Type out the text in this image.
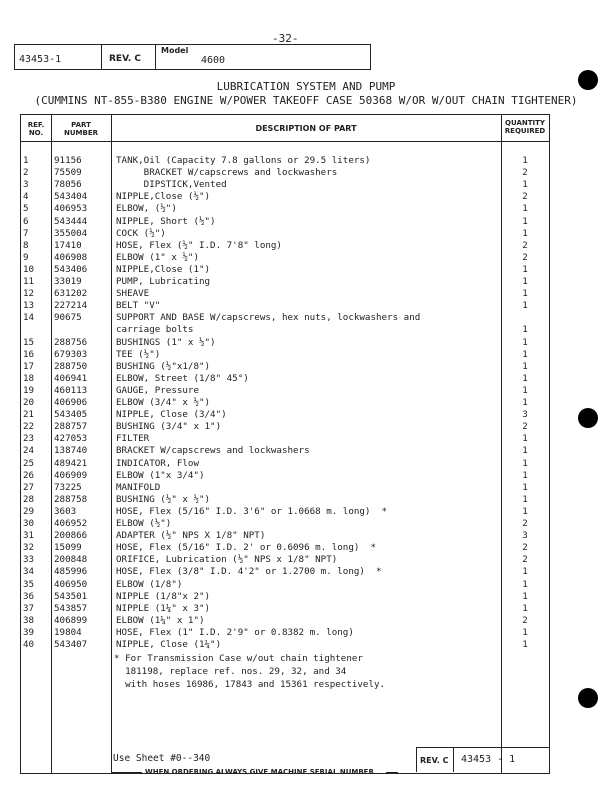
-32-
43453-1	REV. C
Model
4600
LUBRICATION SYSTEM AND PUMP
(CUMMINS NT-855-B380 ENGINE W/POWER TAKEOFF CASE 50368 W/OR W/OUT CHAIN TIGHTENER)
REF.
NO.
PART
NUMBER	DESCRIPTION OF PART
QUANTITY
REQUIRED
1	91156	TANK,Oil (Capacity 7.8 gallons or 29.5 liters)	1
2	75509	BRACKET W/capscrews and lockwashers	2
3	78056	DIPSTICK,Vented	1
4	543404	NIPPLE,Close (½")	2
5	406953	ELBOW, (½")	1
6	543444	NIPPLE, Short (½")	1
7	355004	COCK (½")	1
8	17410	HOSE, Flex (½" I.D. 7'8" long)	2
9	406908	ELBOW (1" x ½")	2
10	543406	NIPPLE,Close (1")	1
11	33019	PUMP, Lubricating	1
12	631202	SHEAVE	1
13	227214	BELT "V"	1
14	90675	SUPPORT AND BASE W/capscrews, hex nuts, lockwashers and
carriage bolts	1
15	288756	BUSHINGS (1" x ½")	1
16	679303	TEE (½")	1
17	288750	BUSHING (½"x1/8")	1
18	406941	ELBOW, Street (1/8" 45°)	1
19	460113	GAUGE, Pressure	1
20	406906	ELBOW (3/4" x ½")	1
21	543405	NIPPLE, Close (3/4")	3
22	288757	BUSHING (3/4" x 1")	2
23	427053	FILTER	1
24	138740	BRACKET W/capscrews and lockwashers	1
25	489421	INDICATOR, Flow	1
26	406909	ELBOW (1"x 3/4")	1
27	73225	MANIFOLD	1
28	288758	BUSHING (½" x ½")	1
29	3603	HOSE, Flex (5/16" I.D. 3'6" or 1.0668 m. long)  *	1
30	406952	ELBOW (½")	2
31	200866	ADAPTER (½" NPS X 1/8" NPT)	3
32	15099	HOSE, Flex (5/16" I.D. 2' or 0.6096 m. long)  *	2
33	200848	ORIFICE, Lubrication (½" NPS x 1/8" NPT)	2
34	485996	HOSE, Flex (3/8" I.D. 4'2" or 1.2700 m. long)  *	1
35	406950	ELBOW (1/8")	1
36	543501	NIPPLE (1/8"x 2")	1
37	543857	NIPPLE (1¼" x 3")	1
38	406899	ELBOW (1¼" x 1")	2
39	19804	HOSE, Flex (1" I.D. 2'9" or 0.8382 m. long)	1
40	543407	NIPPLE, Close (1¼")	1
* For Transmission Case w/out chain tightener
181198, replace ref. nos. 29, 32, and 34
with hoses 16986, 17843 and 15361 respectively.
Use Sheet #0--340	REV. C 43453 - 1
WHEN ORDERING ALWAYS GIVE MACHINE SERIAL NUMBER
